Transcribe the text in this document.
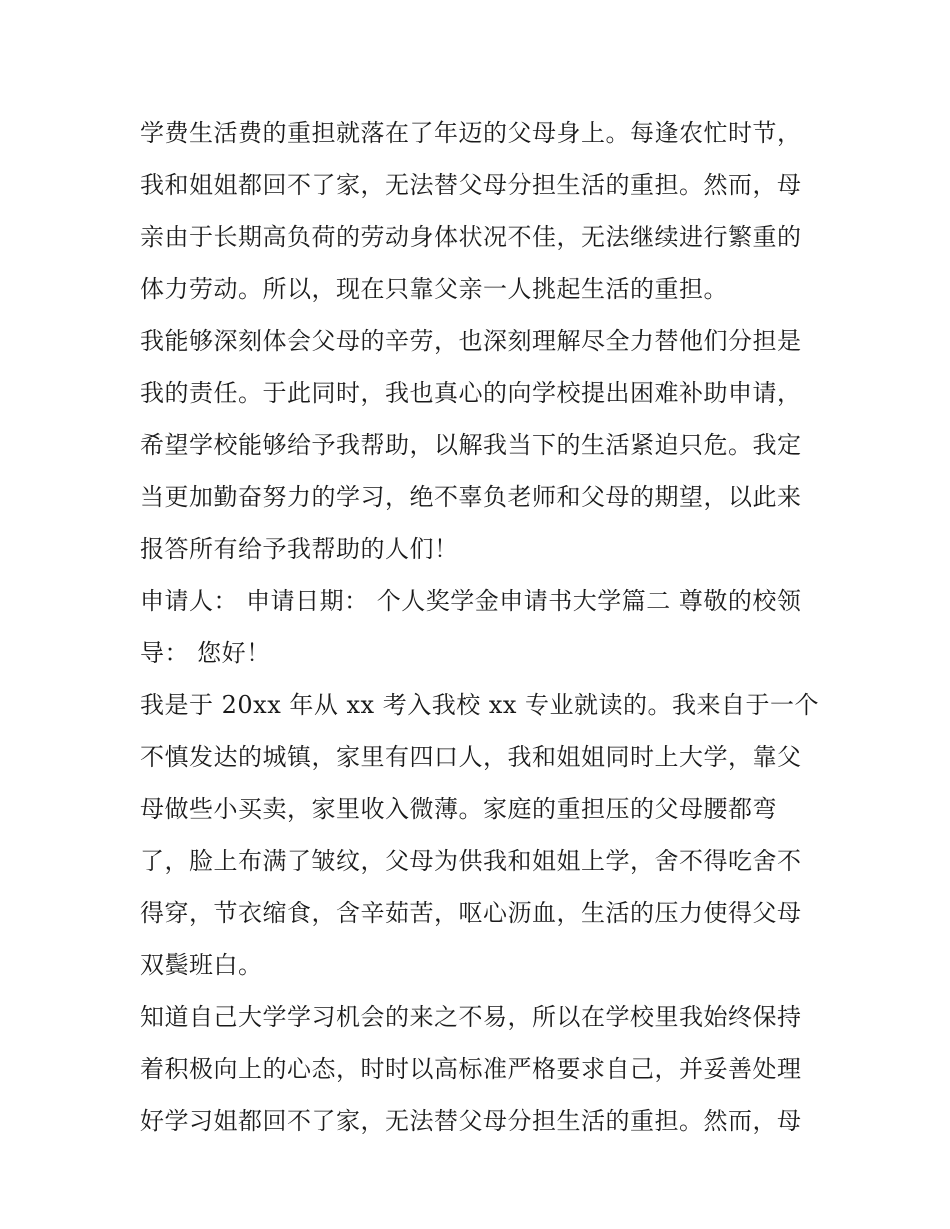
学费生活费的重担就落在了年迈的父母身上。每逢农忙时节，
我和姐姐都回不了家，无法替父母分担生活的重担。然而，母
亲由于长期高负荷的劳动身体状况不佳，无法继续进行繁重的
体力劳动。所以，现在只靠父亲一人挑起生活的重担。
我能够深刻体会父母的辛劳，也深刻理解尽全力替他们分担是
我的责任。于此同时，我也真心的向学校提出困难补助申请，
希望学校能够给予我帮助，以解我当下的生活紧迫只危。我定
当更加勤奋努力的学习，绝不辜负老师和父母的期望，以此来
报答所有给予我帮助的人们！
申请人： 申请日期： 个人奖学金申请书大学篇二 尊敬的校领
导： 您好！
我是于 20xx 年从 xx 考入我校 xx 专业就读的。我来自于一个
不慎发达的城镇，家里有四口人，我和姐姐同时上大学，靠父
母做些小买卖，家里收入微薄。家庭的重担压的父母腰都弯
了，脸上布满了皱纹，父母为供我和姐姐上学，舍不得吃舍不
得穿，节衣缩食，含辛茹苦，呕心沥血，生活的压力使得父母
双鬓班白。
知道自己大学学习机会的来之不易，所以在学校里我始终保持
着积极向上的心态，时时以高标准严格要求自己，并妥善处理
好学习姐都回不了家，无法替父母分担生活的重担。然而，母
